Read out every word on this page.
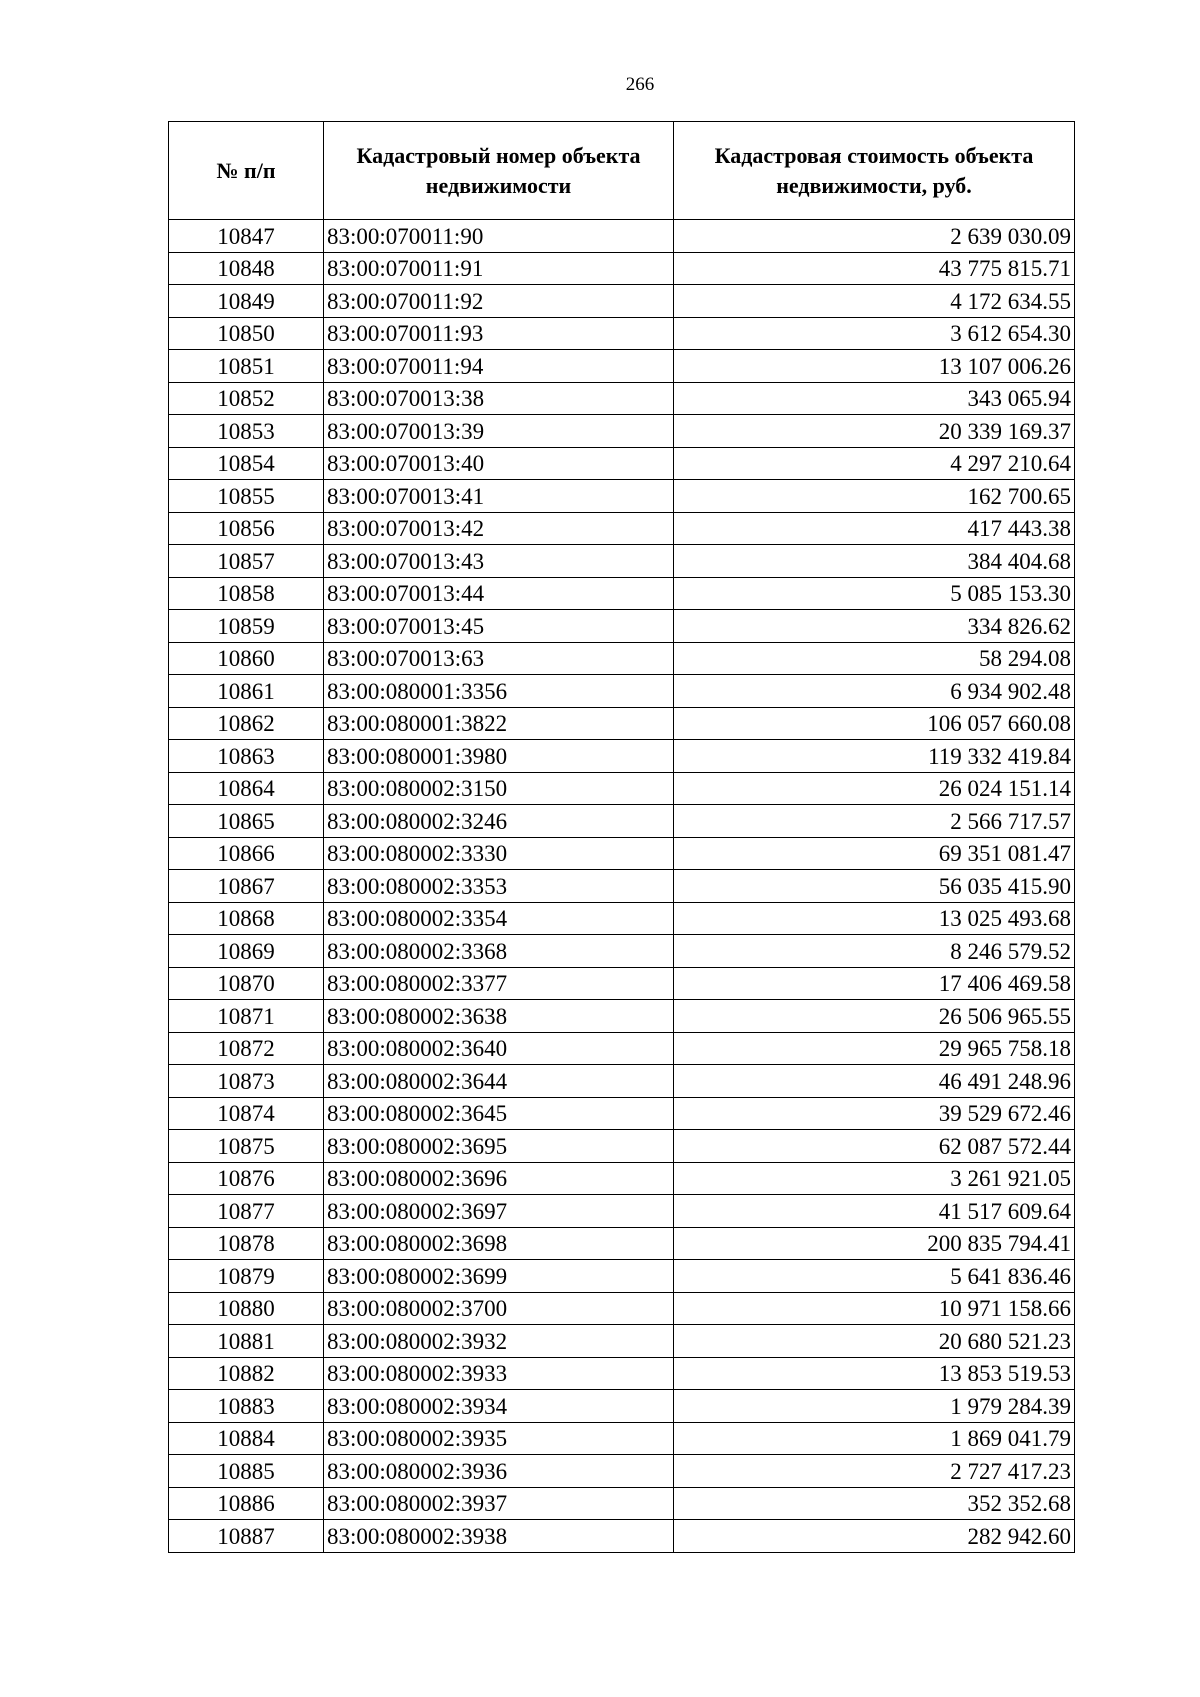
266
№ п/п	Кадастровый номер объекта недвижимости	Кадастровая стоимость объекта недвижимости, руб.
10847	83:00:070011:90	2 639 030.09
10848	83:00:070011:91	43 775 815.71
10849	83:00:070011:92	4 172 634.55
10850	83:00:070011:93	3 612 654.30
10851	83:00:070011:94	13 107 006.26
10852	83:00:070013:38	343 065.94
10853	83:00:070013:39	20 339 169.37
10854	83:00:070013:40	4 297 210.64
10855	83:00:070013:41	162 700.65
10856	83:00:070013:42	417 443.38
10857	83:00:070013:43	384 404.68
10858	83:00:070013:44	5 085 153.30
10859	83:00:070013:45	334 826.62
10860	83:00:070013:63	58 294.08
10861	83:00:080001:3356	6 934 902.48
10862	83:00:080001:3822	106 057 660.08
10863	83:00:080001:3980	119 332 419.84
10864	83:00:080002:3150	26 024 151.14
10865	83:00:080002:3246	2 566 717.57
10866	83:00:080002:3330	69 351 081.47
10867	83:00:080002:3353	56 035 415.90
10868	83:00:080002:3354	13 025 493.68
10869	83:00:080002:3368	8 246 579.52
10870	83:00:080002:3377	17 406 469.58
10871	83:00:080002:3638	26 506 965.55
10872	83:00:080002:3640	29 965 758.18
10873	83:00:080002:3644	46 491 248.96
10874	83:00:080002:3645	39 529 672.46
10875	83:00:080002:3695	62 087 572.44
10876	83:00:080002:3696	3 261 921.05
10877	83:00:080002:3697	41 517 609.64
10878	83:00:080002:3698	200 835 794.41
10879	83:00:080002:3699	5 641 836.46
10880	83:00:080002:3700	10 971 158.66
10881	83:00:080002:3932	20 680 521.23
10882	83:00:080002:3933	13 853 519.53
10883	83:00:080002:3934	1 979 284.39
10884	83:00:080002:3935	1 869 041.79
10885	83:00:080002:3936	2 727 417.23
10886	83:00:080002:3937	352 352.68
10887	83:00:080002:3938	282 942.60
